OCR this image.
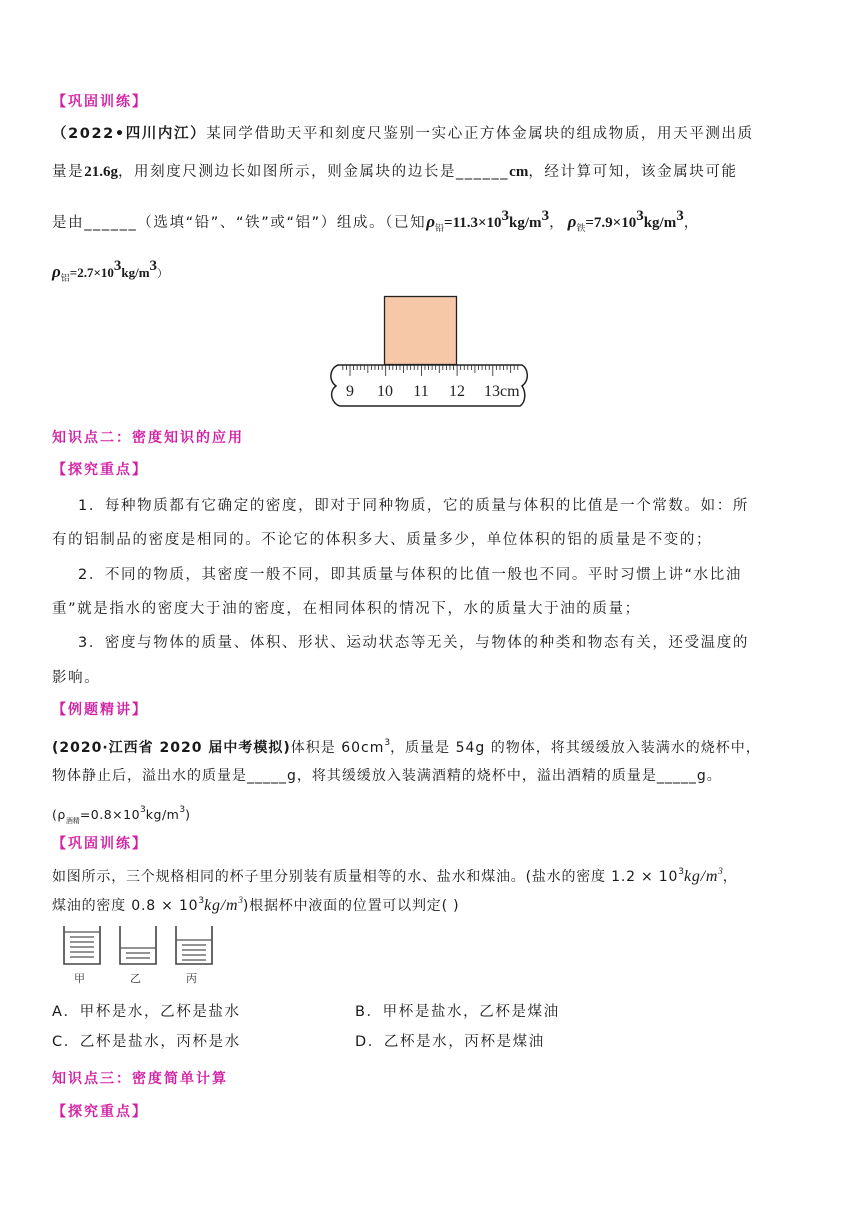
【巩固训练】
（2022•四川内江）某同学借助天平和刻度尺鉴别一实心正方体金属块的组成物质，用天平测出质
量是21.6g，用刻度尺测边长如图所示，则金属块的边长是______cm，经计算可知，该金属块可能
是由______（选填“铅”、“铁”或“铝”）组成。（已知$\rho_铅=11.3\times 10^3kg/m^3$， $\rho_铁=7.9\times 10^3kg/m^3$，
$\rho_铝=2.7\times 10^3kg/m^3$）
9 10 11 12 13cm
知识点二：密度知识的应用
【探究重点】
1．每种物质都有它确定的密度，即对于同种物质，它的质量与体积的比值是一个常数。如：所
有的铝制品的密度是相同的。不论它的体积多大、质量多少，单位体积的铝的质量是不变的；
2．不同的物质，其密度一般不同，即其质量与体积的比值一般也不同。平时习惯上讲“水比油
重”就是指水的密度大于油的密度，在相同体积的情况下，水的质量大于油的质量；
3．密度与物体的质量、体积、形状、运动状态等无关，与物体的种类和物态有关，还受温度的
影响。
【例题精讲】
(2020·江西省 2020 届中考模拟)体积是 $60cm^3$，质量是 54g 的物体，将其缓缓放入装满水的烧杯中，
物体静止后，溢出水的质量是_____g，将其缓缓放入装满酒精的烧杯中，溢出酒精的质量是_____g。
$(\rho_{酒精}=0.8\times 10^3kg/m^3)$
【巩固训练】
如图所示，三个规格相同的杯子里分别装有质量相等的水、盐水和煤油。(盐水的密度 $1.2 \times 10^3kg/m^3$，
煤油的密度 $0.8 \times 10^3kg/m^3$)根据杯中液面的位置可以判定( )
甲	乙	丙
A．甲杯是水，乙杯是盐水	B．甲杯是盐水，乙杯是煤油
C．乙杯是盐水，丙杯是水	D．乙杯是水，丙杯是煤油
知识点三：密度简单计算
【探究重点】
